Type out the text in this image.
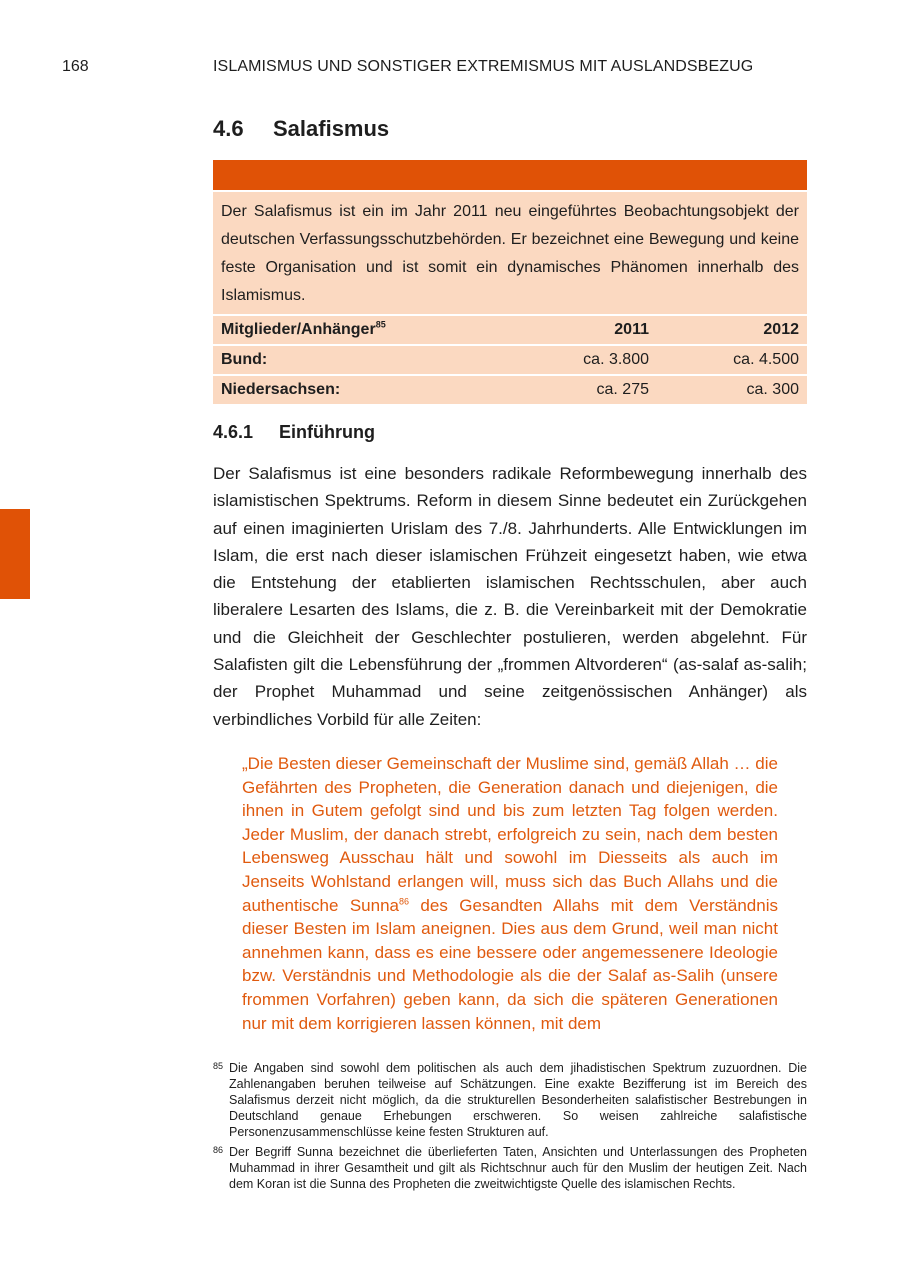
168	ISLAMISMUS UND SONSTIGER EXTREMISMUS MIT AUSLANDSBEZUG
4.6 Salafismus
Der Salafismus ist ein im Jahr 2011 neu eingeführtes Beobachtungsobjekt der deutschen Verfassungsschutzbehörden. Er bezeichnet eine Bewegung und keine feste Organisation und ist somit ein dynamisches Phänomen innerhalb des Islamismus.
Mitglieder/Anhänger$^{85}$	2011	2012
Bund:	ca. 3.800	ca. 4.500
Niedersachsen:	ca. 275	ca. 300
4.6.1 Einführung
Der Salafismus ist eine besonders radikale Reformbewegung innerhalb des islamistischen Spektrums. Reform in diesem Sinne bedeutet ein Zurückgehen auf einen imaginierten Urislam des 7./8. Jahrhunderts. Alle Entwicklungen im Islam, die erst nach dieser islamischen Frühzeit eingesetzt haben, wie etwa die Entstehung der etablierten islamischen Rechtsschulen, aber auch liberalere Lesarten des Islams, die z. B. die Vereinbarkeit mit der Demokratie und die Gleichheit der Geschlechter postulieren, werden abgelehnt. Für Salafisten gilt die Lebensführung der „frommen Altvorderen“ (as-salaf as-salih; der Prophet Muhammad und seine zeitgenössischen Anhänger) als verbindliches Vorbild für alle Zeiten:
„Die Besten dieser Gemeinschaft der Muslime sind, gemäß Allah … die Gefährten des Propheten, die Generation danach und diejenigen, die ihnen in Gutem gefolgt sind und bis zum letzten Tag folgen werden. Jeder Muslim, der danach strebt, erfolgreich zu sein, nach dem besten Lebensweg Ausschau hält und sowohl im Diesseits als auch im Jenseits Wohlstand erlangen will, muss sich das Buch Allahs und die authentische Sunna$^{86}$ des Gesandten Allahs mit dem Verständnis dieser Besten im Islam aneignen. Dies aus dem Grund, weil man nicht annehmen kann, dass es eine bessere oder angemessenere Ideologie bzw. Verständnis und Methodologie als die der Salaf as-Salih (unsere frommen Vorfahren) geben kann, da sich die späteren Generationen nur mit dem korrigieren lassen können, mit dem
85 Die Angaben sind sowohl dem politischen als auch dem jihadistischen Spektrum zuzuordnen. Die Zahlenangaben beruhen teilweise auf Schätzungen. Eine exakte Bezifferung ist im Bereich des Salafismus derzeit nicht möglich, da die strukturellen Besonderheiten salafistischer Bestrebungen in Deutschland genaue Erhebungen erschweren. So weisen zahlreiche salafistische Personenzusammenschlüsse keine festen Strukturen auf.
86 Der Begriff Sunna bezeichnet die überlieferten Taten, Ansichten und Unterlassungen des Propheten Muhammad in ihrer Gesamtheit und gilt als Richtschnur auch für den Muslim der heutigen Zeit. Nach dem Koran ist die Sunna des Propheten die zweitwichtigste Quelle des islamischen Rechts.
